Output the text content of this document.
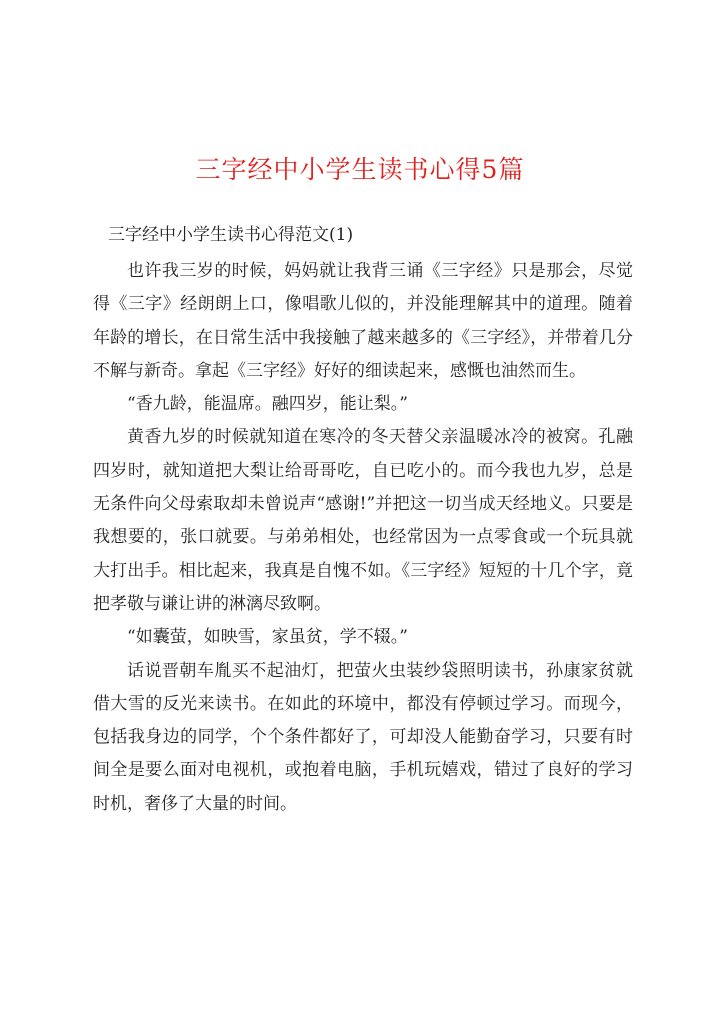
三字经中小学生读书心得5篇
三字经中小学生读书心得范文(1)

也许我三岁的时候，妈妈就让我背三诵《三字经》只是那会，尽觉得《三字》经朗朗上口，像唱歌儿似的，并没能理解其中的道理。随着年龄的增长，在日常生活中我接触了越来越多的《三字经》，并带着几分不解与新奇。拿起《三字经》好好的细读起来，感慨也油然而生。

“香九龄，能温席。融四岁，能让梨。”

黄香九岁的时候就知道在寒冷的冬天替父亲温暖冰冷的被窝。孔融四岁时，就知道把大梨让给哥哥吃，自已吃小的。而今我也九岁，总是无条件向父母索取却未曾说声“感谢!”并把这一切当成天经地义。只要是我想要的，张口就要。与弟弟相处，也经常因为一点零食或一个玩具就大打出手。相比起来，我真是自愧不如。《三字经》短短的十几个字，竟把孝敬与谦让讲的淋漓尽致啊。

“如囊萤，如映雪，家虽贫，学不辍。”

话说晋朝车胤买不起油灯，把萤火虫装纱袋照明读书，孙康家贫就借大雪的反光来读书。在如此的环境中，都没有停顿过学习。而现今，包括我身边的同学，个个条件都好了，可却没人能勤奋学习，只要有时间全是要么面对电视机，或抱着电脑，手机玩嬉戏，错过了良好的学习时机，奢侈了大量的时间。
